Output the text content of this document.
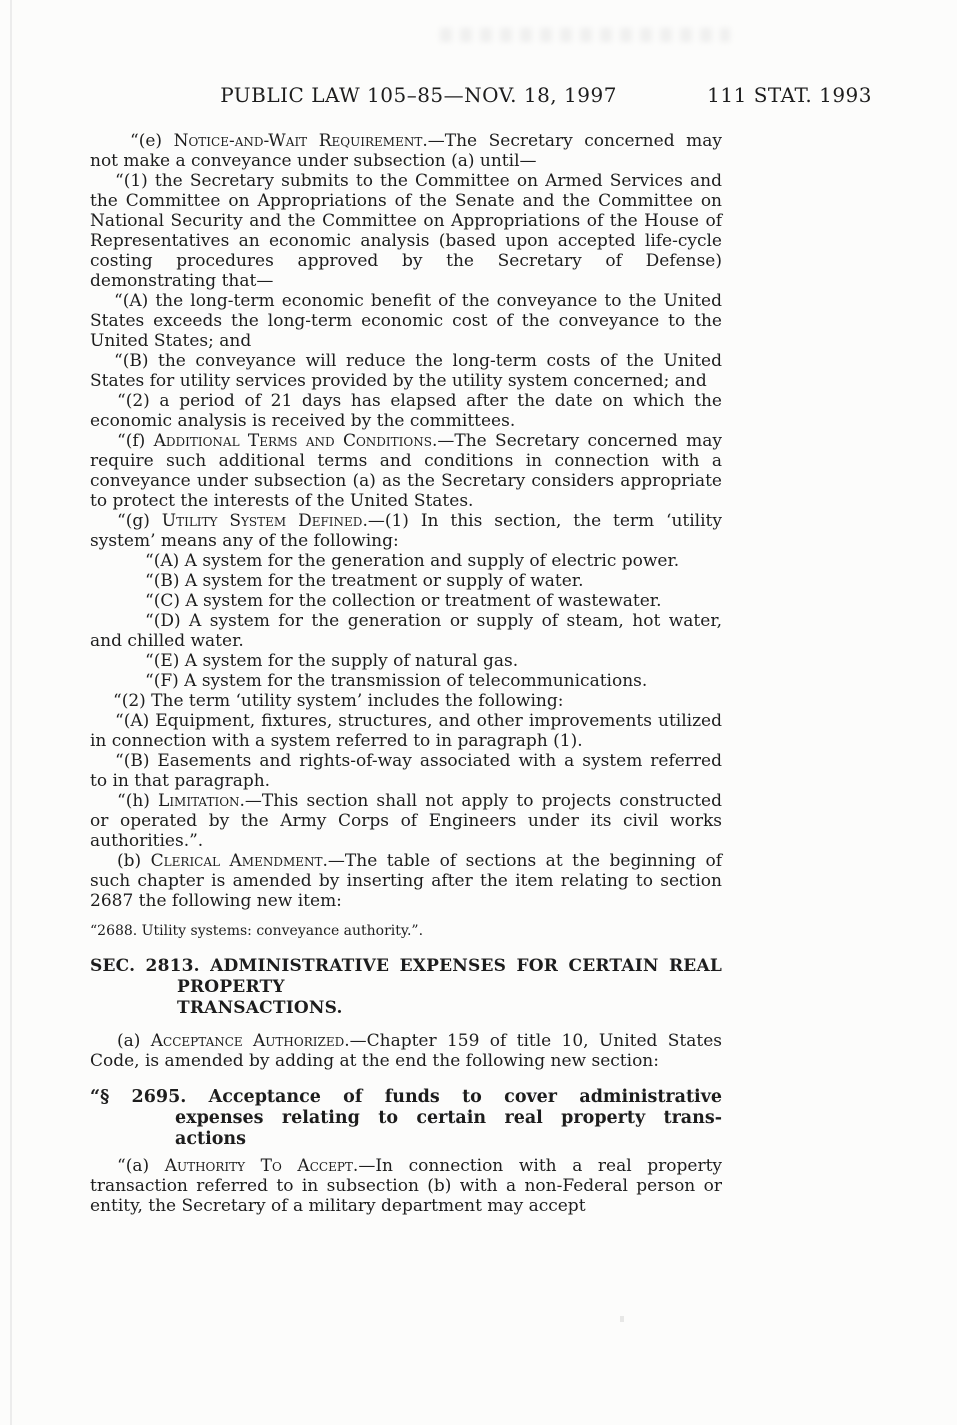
PUBLIC LAW 105–85—NOV. 18, 1997	111 STAT. 1993

“(e) Notice-and-Wait Requirement.—The Secretary concerned may not make a conveyance under subsection (a) until—

“(1) the Secretary submits to the Committee on Armed Services and the Committee on Appropriations of the Senate and the Committee on National Security and the Committee on Appropriations of the House of Representatives an economic analysis (based upon accepted life-cycle costing procedures approved by the Secretary of Defense) demonstrating that—

“(A) the long-term economic benefit of the conveyance to the United States exceeds the long-term economic cost of the conveyance to the United States; and

“(B) the conveyance will reduce the long-term costs of the United States for utility services provided by the utility system concerned; and

“(2) a period of 21 days has elapsed after the date on which the economic analysis is received by the committees.

“(f) Additional Terms and Conditions.—The Secretary concerned may require such additional terms and conditions in connection with a conveyance under subsection (a) as the Secretary considers appropriate to protect the interests of the United States.

“(g) Utility System Defined.—(1) In this section, the term ‘utility system’ means any of the following:

“(A) A system for the generation and supply of electric power.

“(B) A system for the treatment or supply of water.

“(C) A system for the collection or treatment of wastewater.

“(D) A system for the generation or supply of steam, hot water, and chilled water.

“(E) A system for the supply of natural gas.

“(F) A system for the transmission of telecommunications.

“(2) The term ‘utility system’ includes the following:

“(A) Equipment, fixtures, structures, and other improvements utilized in connection with a system referred to in paragraph (1).

“(B) Easements and rights-of-way associated with a system referred to in that paragraph.

“(h) Limitation.—This section shall not apply to projects constructed or operated by the Army Corps of Engineers under its civil works authorities.”.

(b) Clerical Amendment.—The table of sections at the beginning of such chapter is amended by inserting after the item relating to section 2687 the following new item:

“2688. Utility systems: conveyance authority.”.

SEC. 2813. ADMINISTRATIVE EXPENSES FOR CERTAIN REAL PROPERTY
TRANSACTIONS.

(a) Acceptance Authorized.—Chapter 159 of title 10, United States Code, is amended by adding at the end the following new section:

“§ 2695. Acceptance of funds to cover administrative
expenses relating to certain real property trans-
actions

“(a) Authority To Accept.—In connection with a real property transaction referred to in subsection (b) with a non-Federal person or entity, the Secretary of a military department may accept
